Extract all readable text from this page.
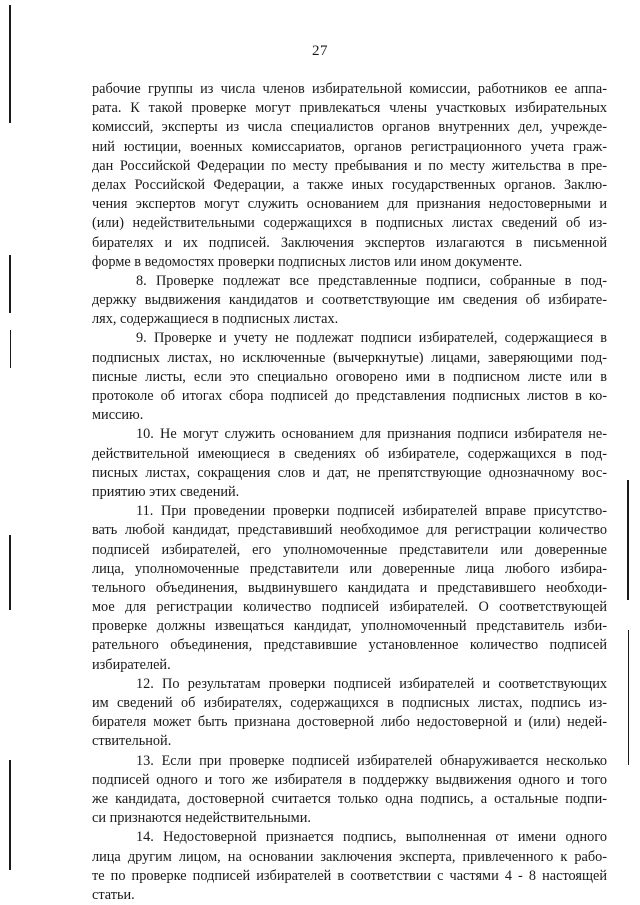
27
рабочие группы из числа членов избирательной комиссии, работников ее аппа-
рата. К такой проверке могут привлекаться члены участковых избирательных
комиссий, эксперты из числа специалистов органов внутренних дел, учрежде-
ний юстиции, военных комиссариатов, органов регистрационного учета граж-
дан Российской Федерации по месту пребывания и по месту жительства в пре-
делах Российской Федерации, а также иных государственных органов. Заклю-
чения экспертов могут служить основанием для признания недостоверными и
(или) недействительными содержащихся в подписных листах сведений об из-
бирателях и их подписей. Заключения экспертов излагаются в письменной
форме в ведомостях проверки подписных листов или ином документе.
8. Проверке подлежат все представленные подписи, собранные в под-
держку выдвижения кандидатов и соответствующие им сведения об избирате-
лях, содержащиеся в подписных листах.
9. Проверке и учету не подлежат подписи избирателей, содержащиеся в
подписных листах, но исключенные (вычеркнутые) лицами, заверяющими под-
писные листы, если это специально оговорено ими в подписном листе или в
протоколе об итогах сбора подписей до представления подписных листов в ко-
миссию.
10. Не могут служить основанием для признания подписи избирателя не-
действительной имеющиеся в сведениях об избирателе, содержащихся в под-
писных листах, сокращения слов и дат, не препятствующие однозначному вос-
приятию этих сведений.
11. При проведении проверки подписей избирателей вправе присутство-
вать любой кандидат, представивший необходимое для регистрации количество
подписей избирателей, его уполномоченные представители или доверенные
лица, уполномоченные представители или доверенные лица любого избира-
тельного объединения, выдвинувшего кандидата и представившего необходи-
мое для регистрации количество подписей избирателей. О соответствующей
проверке должны извещаться кандидат, уполномоченный представитель изби-
рательного объединения, представившие установленное количество подписей
избирателей.
12. По результатам проверки подписей избирателей и соответствующих
им сведений об избирателях, содержащихся в подписных листах, подпись из-
бирателя может быть признана достоверной либо недостоверной и (или) недей-
ствительной.
13. Если при проверке подписей избирателей обнаруживается несколько
подписей одного и того же избирателя в поддержку выдвижения одного и того
же кандидата, достоверной считается только одна подпись, а остальные подпи-
си признаются недействительными.
14. Недостоверной признается подпись, выполненная от имени одного
лица другим лицом, на основании заключения эксперта, привлеченного к рабо-
те по проверке подписей избирателей в соответствии с частями 4 - 8 настоящей
статьи.
